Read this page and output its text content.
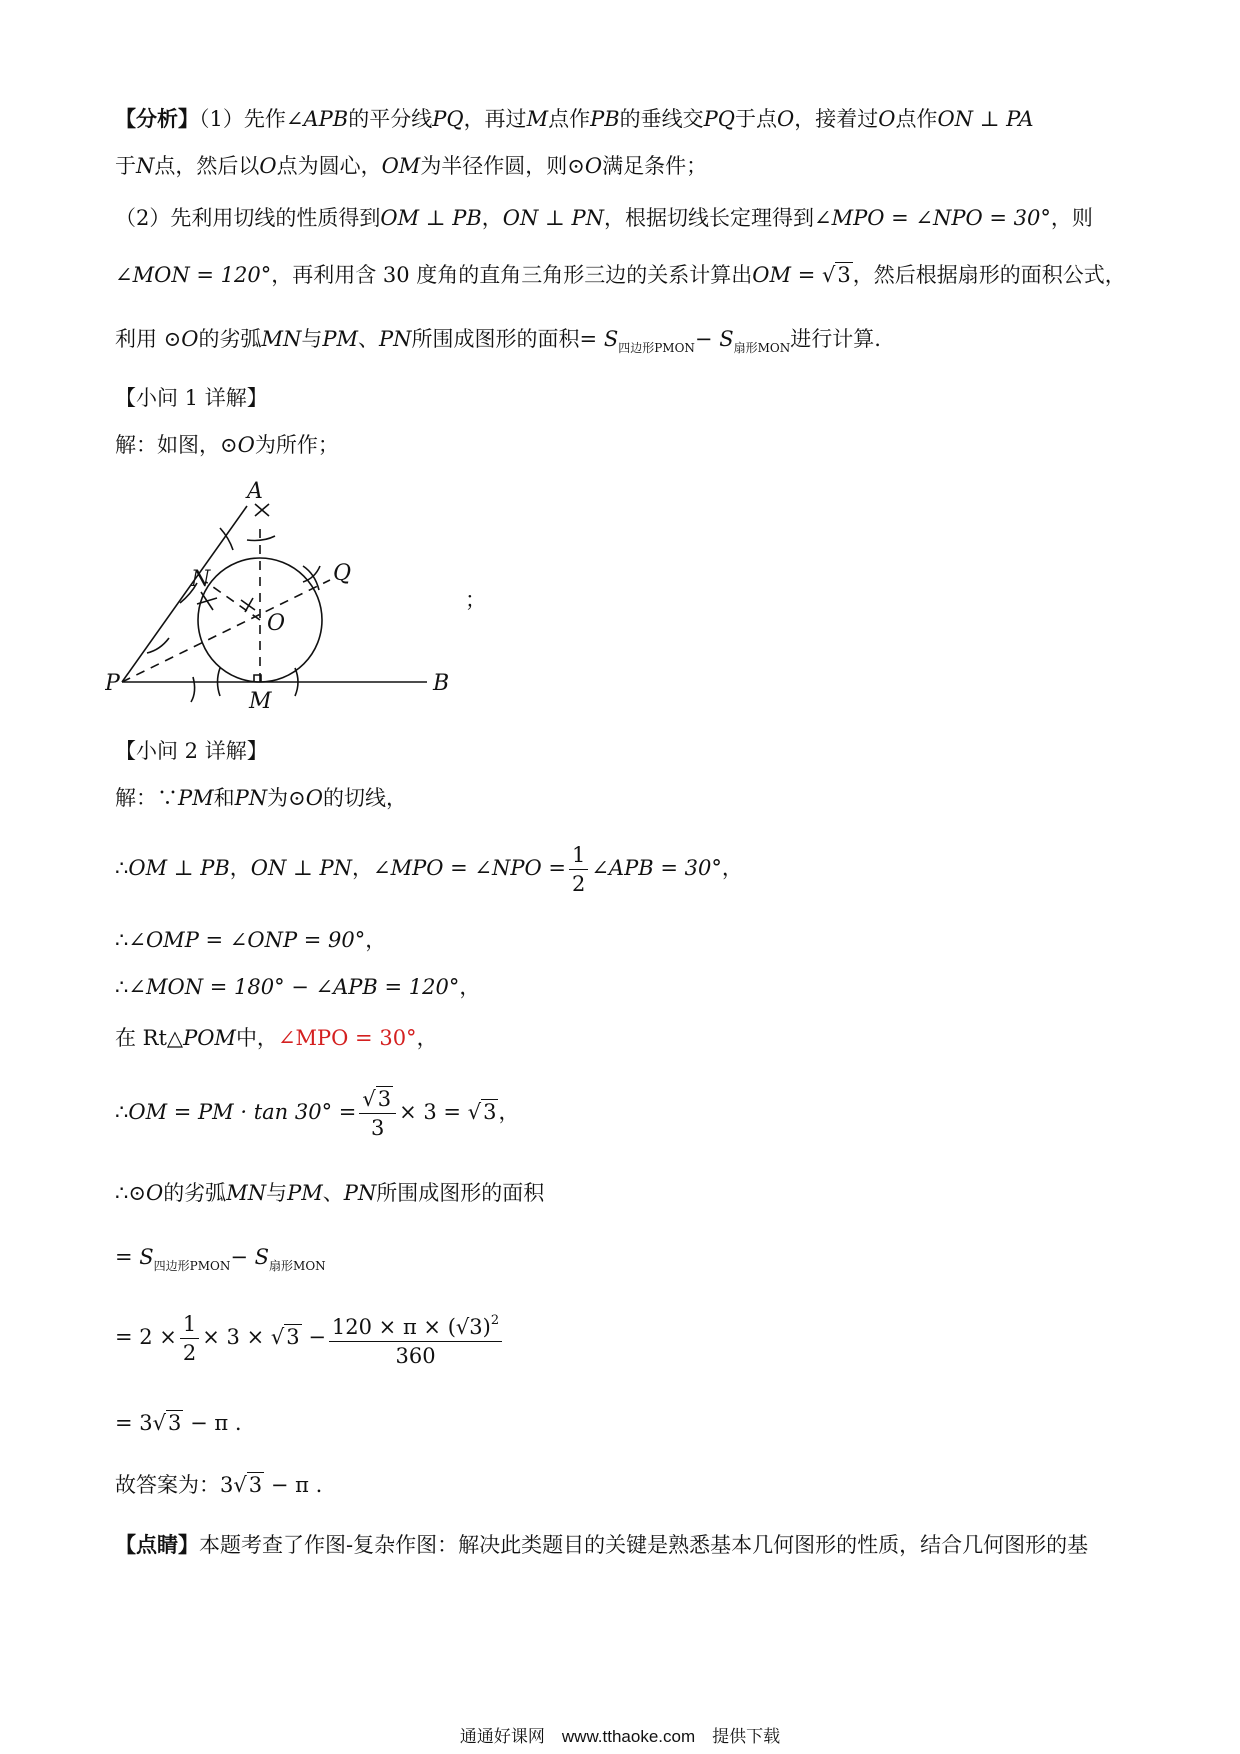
【分析】（1）先作∠APB的平分线PQ，再过M点作PB的垂线交PQ于点O，接着过O点作ON ⊥ PA
于N点，然后以O点为圆心，OM为半径作圆，则⊙O满足条件；
（2）先利用切线的性质得到OM ⊥ PB，ON ⊥ PN，根据切线长定理得到∠MPO = ∠NPO = 30°，则
∠MON = 120°，再利用含 30 度角的直角三角形三边的关系计算出OM = √3，然后根据扇形的面积公式，
利用 ⊙O的劣弧MN与PM、PN所围成图形的面积= $S_{四边形PMON}- S_{扇形MON}$进行计算.
【小问 1 详解】
解：如图，⊙O为所作；
A
N	Q
O
P
M
B
；
【小问 2 详解】
解：∵PM和PN为⊙O的切线，
∴OM ⊥ PB，ON ⊥ PN，∠MPO = ∠NPO = $\frac{1}{2}$ ∠APB = 30°，
∴∠OMP = ∠ONP = 90°，
∴∠MON = 180° − ∠APB = 120°，
在 Rt△POM中，∠MPO = 30°，
∴OM = PM · $\tan 30^\circ = \frac{√3}{3} \times 3 = √3$，
∴⊙O的劣弧MN与PM、PN所围成图形的面积
= $S_{四边形PMON}- S_{扇形MON}$
= $2 \times \frac{1}{2} \times 3 \times √3 - \frac{120 \times \pi \times (√3)^2}{360}$
= 3√3 − π .
故答案为：3√3 − π .
【点睛】本题考查了作图-复杂作图：解决此类题目的关键是熟悉基本几何图形的性质，结合几何图形的基
通通好课网　www.tthaoke.com　提供下载
